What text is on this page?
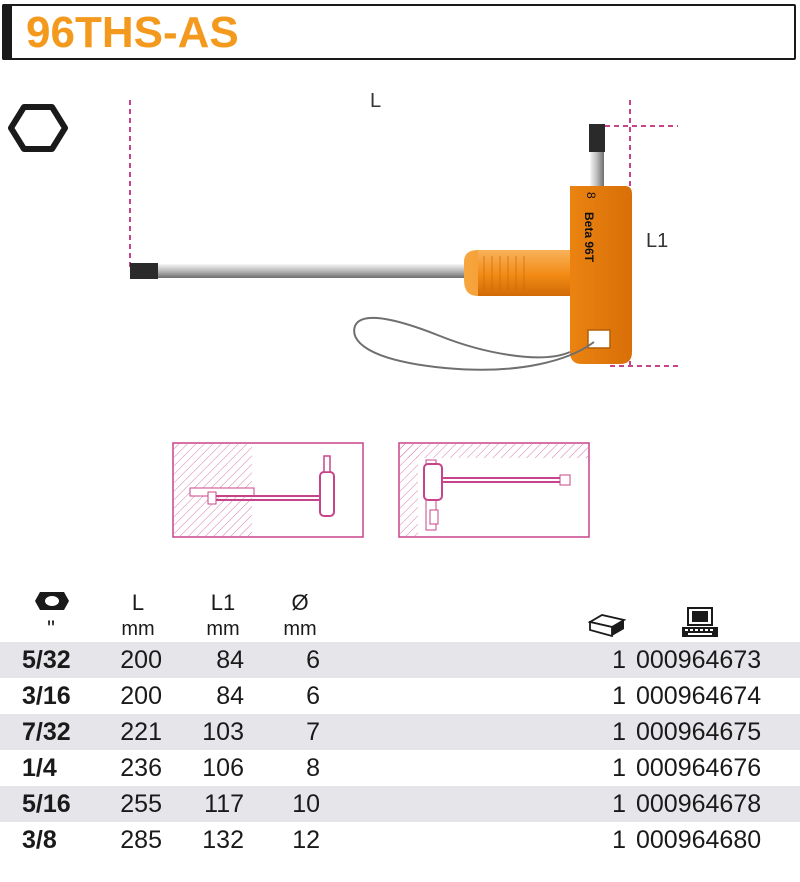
96THS-AS
L
L1
Beta 96T
8
"
L
mm
L1
mm
Ø
mm
5/32	200	84	6	1 000964673
3/16	200	84	6	1 000964674
7/32	221	103	7	1 000964675
1/4	236	106	8	1 000964676
5/16	255	117	10	1 000964678
3/8	285	132	12	1 000964680
